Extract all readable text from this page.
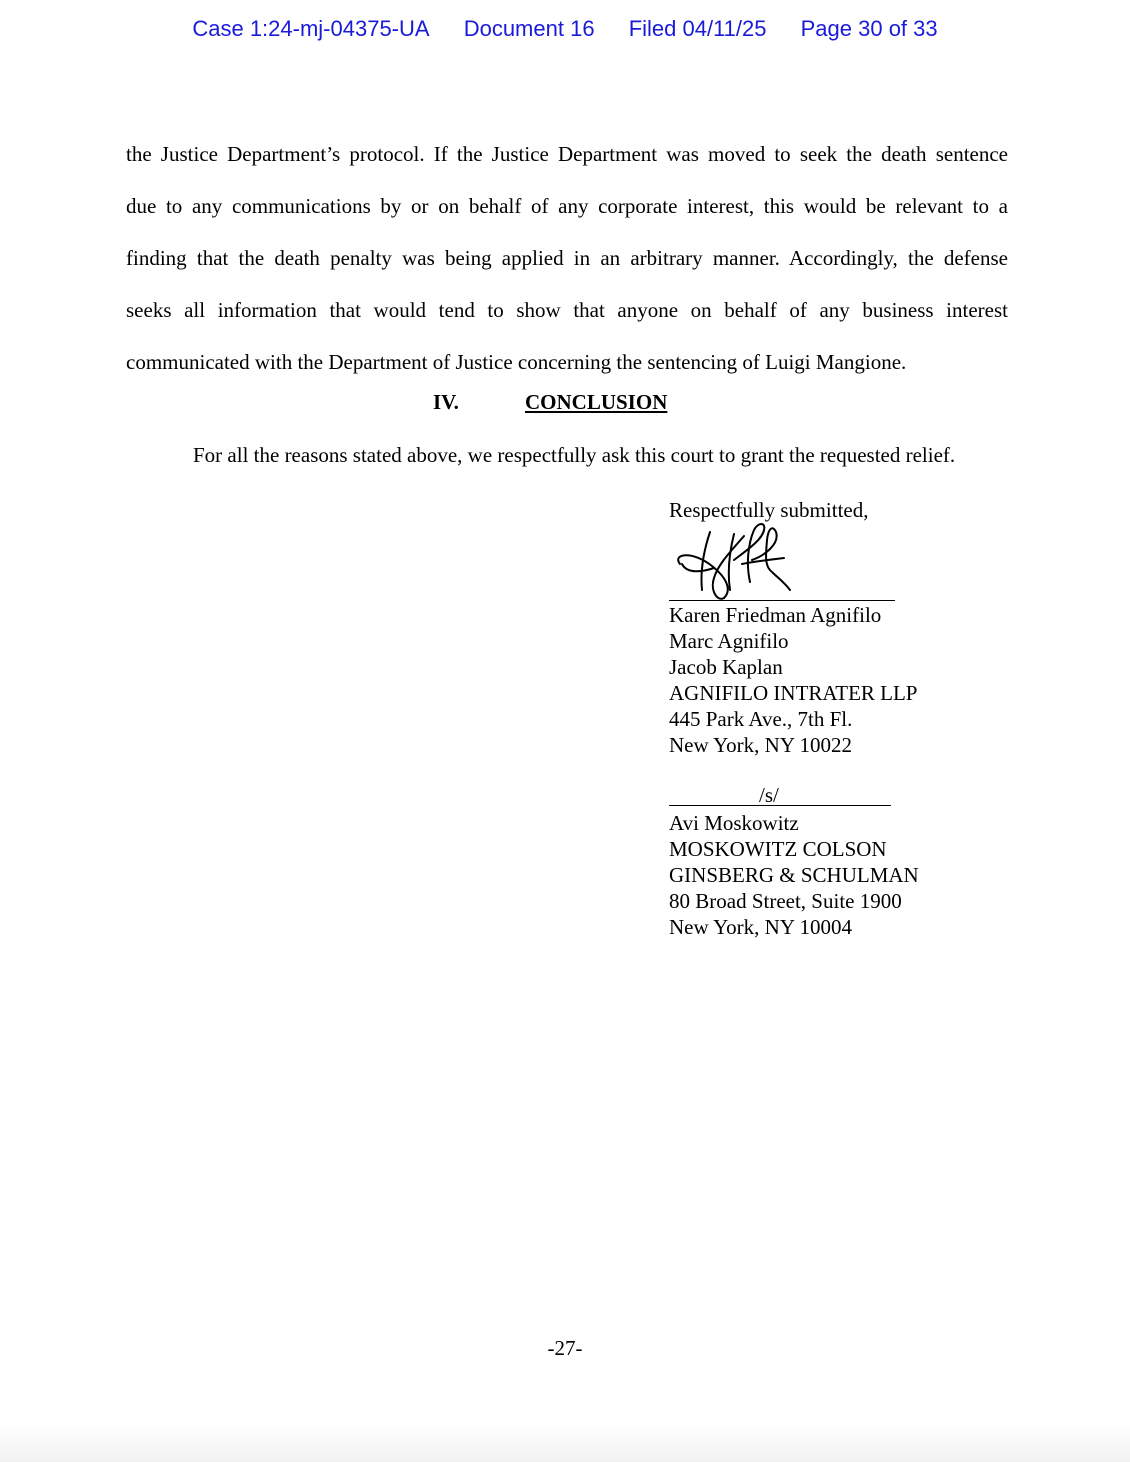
Case 1:24-mj-04375-UA Document 16 Filed 04/11/25 Page 30 of 33

the Justice Department’s protocol. If the Justice Department was moved to seek the death sentence

due to any communications by or on behalf of any corporate interest, this would be relevant to a

finding that the death penalty was being applied in an arbitrary manner. Accordingly, the defense

seeks all information that would tend to show that anyone on behalf of any business interest

communicated with the Department of Justice concerning the sentencing of Luigi Mangione.

IV.	CONCLUSION
For all the reasons stated above, we respectfully ask this court to grant the requested relief.
Respectfully submitted,
Karen Friedman Agnifilo
Marc Agnifilo
Jacob Kaplan
AGNIFILO INTRATER LLP
445 Park Ave., 7th Fl.
New York, NY 10022
/s/
Avi Moskowitz
MOSKOWITZ COLSON
GINSBERG & SCHULMAN
80 Broad Street, Suite 1900
New York, NY 10004
-27-
